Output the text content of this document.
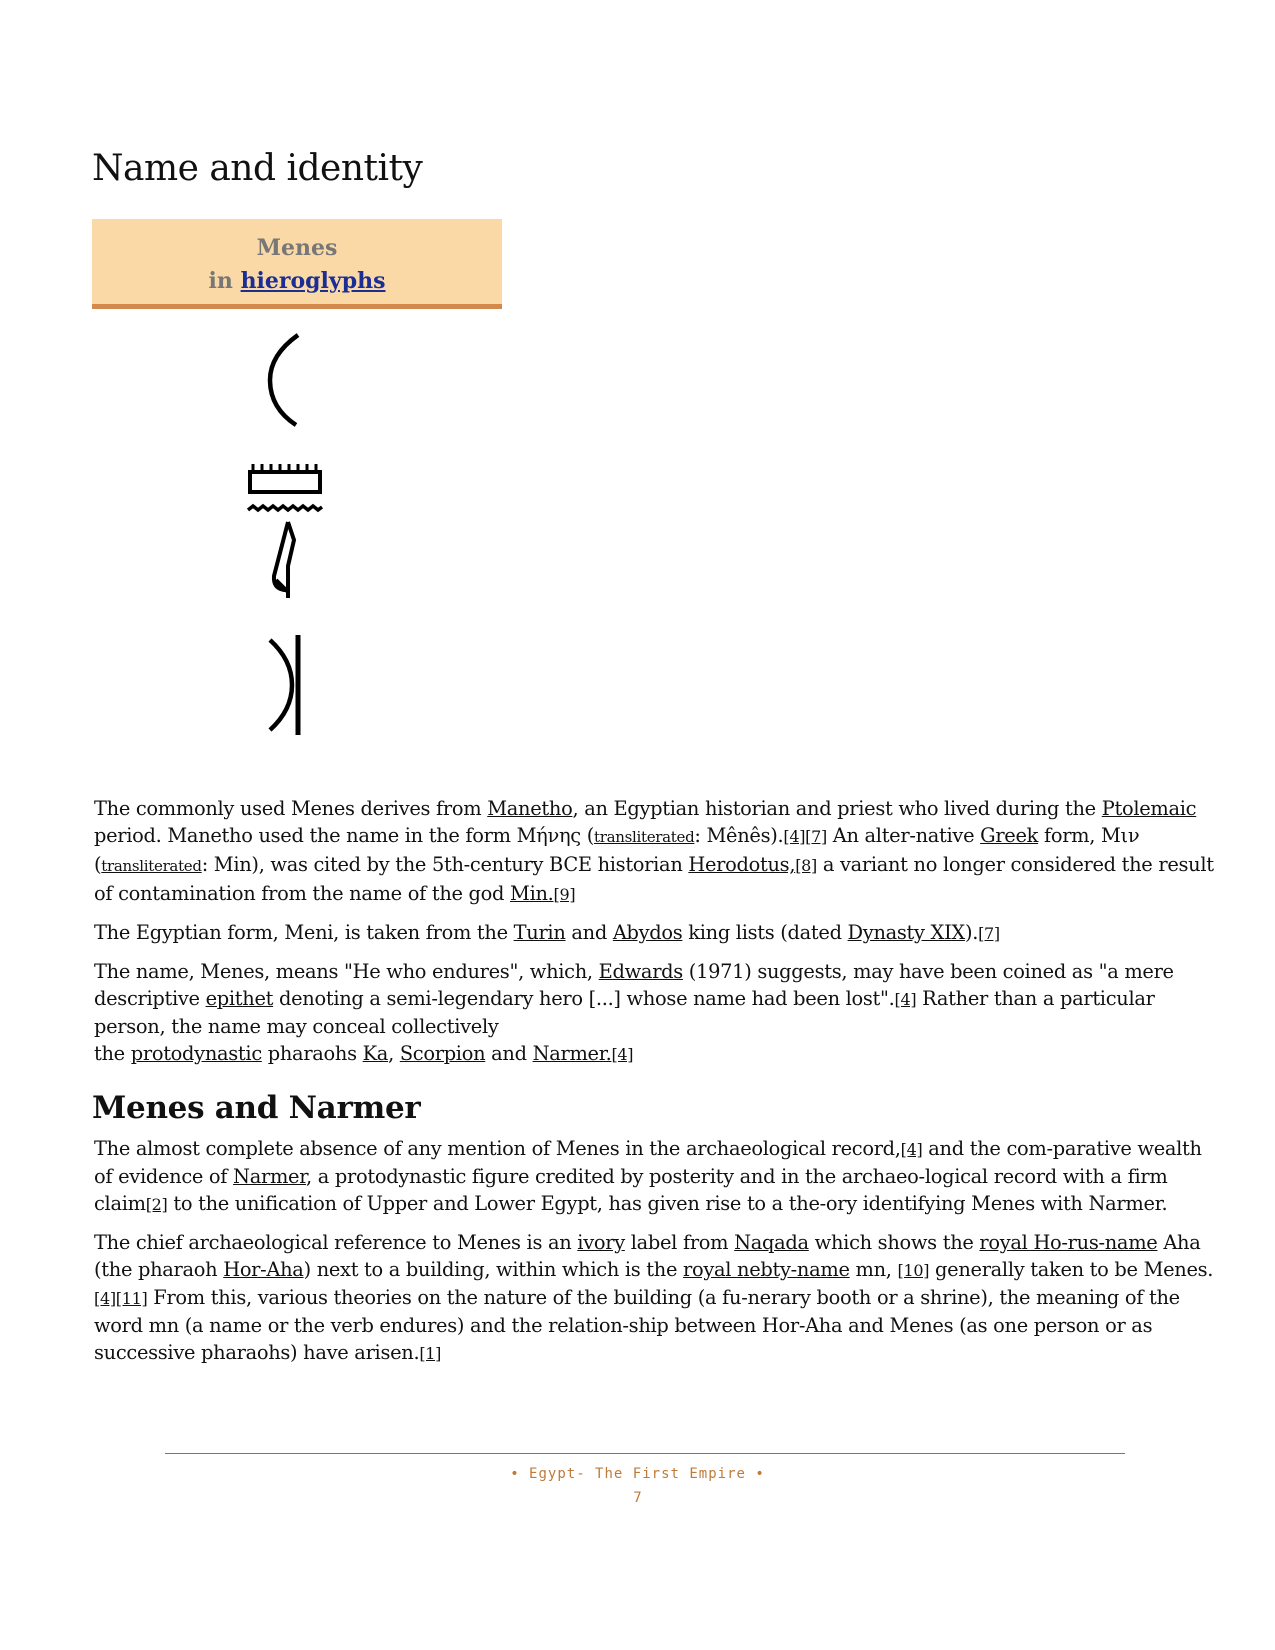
Name and identity
Menes
in hieroglyphs

The commonly used Menes derives from Manetho, an Egyptian historian and priest who lived during the Ptolemaic period. Manetho used the name in the form Μήνης (transliterated: Mênês).[4][7] An alter-native Greek form, Μιν (transliterated: Min), was cited by the 5th-century BCE historian Herodotus,[8] a variant no longer considered the result of contamination from the name of the god Min.[9]

The Egyptian form, Meni, is taken from the Turin and Abydos king lists (dated Dynasty XIX).[7]

The name, Menes, means "He who endures", which, Edwards (1971) suggests, may have been coined as "a mere descriptive epithet denoting a semi-legendary hero [...] whose name had been lost".[4] Rather than a particular person, the name may conceal collectively
the protodynastic pharaohs Ka, Scorpion and Narmer.[4]

Menes and Narmer

The almost complete absence of any mention of Menes in the archaeological record,[4] and the com-parative wealth of evidence of Narmer, a protodynastic figure credited by posterity and in the archaeo-logical record with a firm claim[2] to the unification of Upper and Lower Egypt, has given rise to a the-ory identifying Menes with Narmer.

The chief archaeological reference to Menes is an ivory label from Naqada which shows the royal Ho-rus-name Aha (the pharaoh Hor-Aha) next to a building, within which is the royal nebty-name mn, [10] generally taken to be Menes.[4][11] From this, various theories on the nature of the building (a fu-nerary booth or a shrine), the meaning of the word mn (a name or the verb endures) and the relation-ship between Hor-Aha and Menes (as one person or as successive pharaohs) have arisen.[1]

• Egypt- The First Empire •
7
